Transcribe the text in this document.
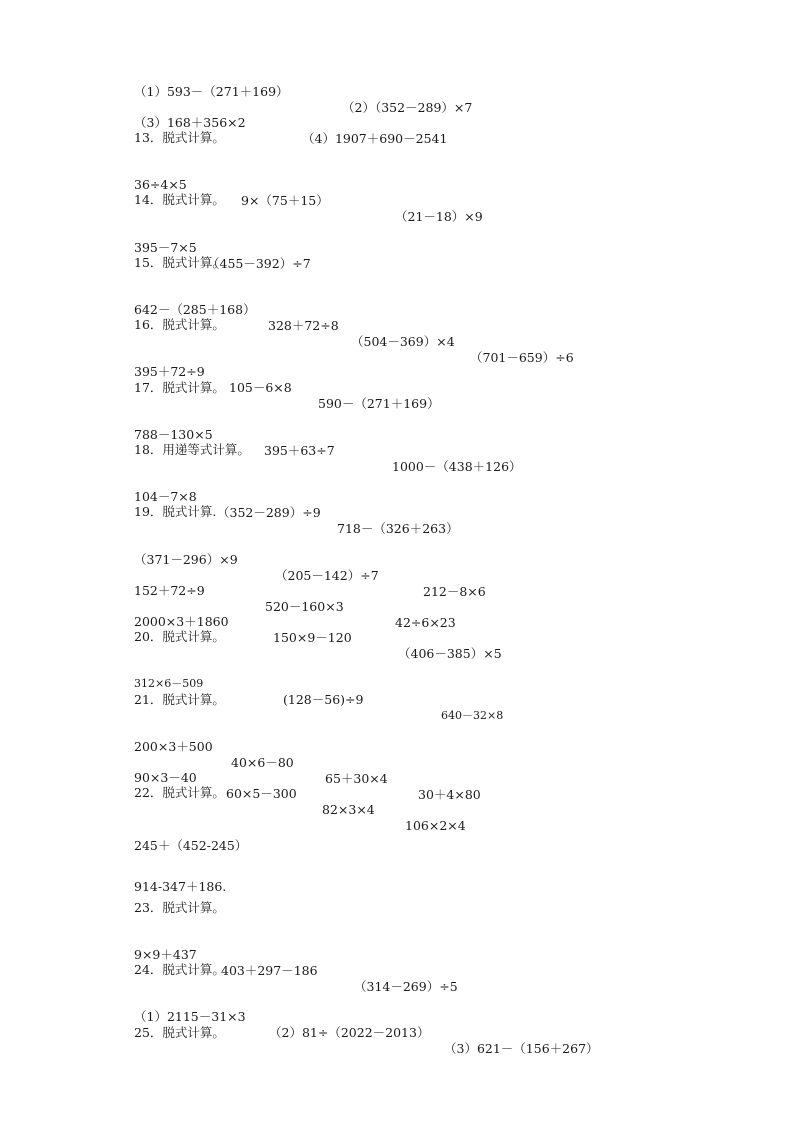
（1）593－（271＋169）

（2）（352－289）×7

（3）168＋356×2

（4）1907＋690－2541

13．脱式计算。

36÷4×5

9×（75＋15）

（21－18）×9

14．脱式计算。

395－7×5

（455－392）÷7

15．脱式计算。

642－（285＋168）

328＋72÷8

（504－369）×4

（701－659）÷6

16．脱式计算。

395＋72÷9

105－6×8

590－（271＋169）

17．脱式计算。

788－130×5

395＋63÷7

1000－（438＋126）

18．用递等式计算。

104－7×8

（352－289）÷9

718－（326＋263）

19．脱式计算.

（371－296）×9

（205－142）÷7

212－8×6

152＋72÷9

520－160×3

42÷6×23

2000×3＋1860

150×9－120

（406－385）×5

20．脱式计算。

312×6－509

(128－56)÷9

640－32×8

21．脱式计算。

200×3＋500

40×6－80

65＋30×4

30＋4×80

90×3－40

60×5－300

82×3×4

106×2×4

22．脱式计算。

245＋（452-245）

914-347＋186.

23．脱式计算。

9×9＋437

403＋297－186

（314－269）÷5

24．脱式计算。

（1）2115－31×3

（2）81÷（2022－2013）

（3）621－（156＋267）

25．脱式计算。
